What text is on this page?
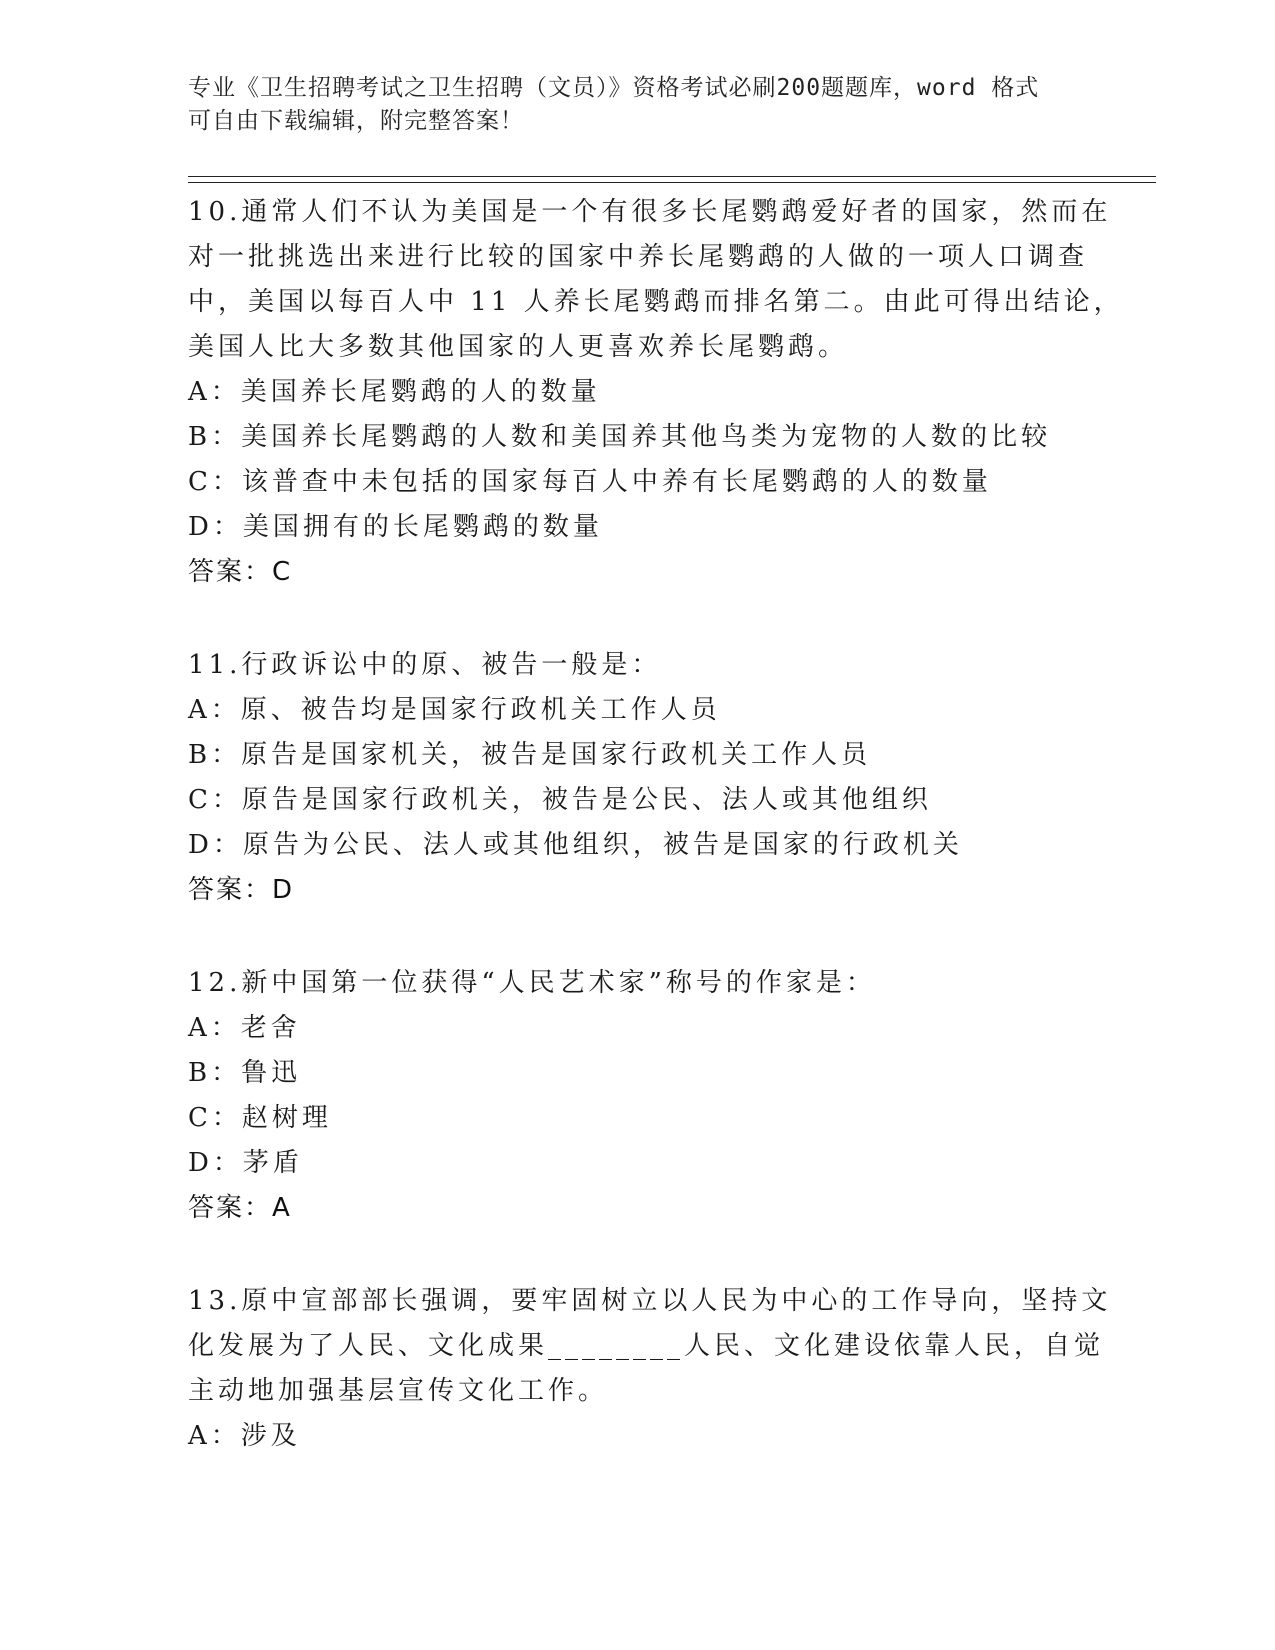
专业《卫生招聘考试之卫生招聘（文员）》资格考试必刷200题题库，word 格式
可自由下载编辑，附完整答案！

10.通常人们不认为美国是一个有很多长尾鹦鹉爱好者的国家，然而在

对一批挑选出来进行比较的国家中养长尾鹦鹉的人做的一项人口调查

中，美国以每百人中 11 人养长尾鹦鹉而排名第二。由此可得出结论，

美国人比大多数其他国家的人更喜欢养长尾鹦鹉。

A：美国养长尾鹦鹉的人的数量

B：美国养长尾鹦鹉的人数和美国养其他鸟类为宠物的人数的比较

C：该普查中未包括的国家每百人中养有长尾鹦鹉的人的数量

D：美国拥有的长尾鹦鹉的数量

答案：C

11.行政诉讼中的原、被告一般是：

A：原、被告均是国家行政机关工作人员

B：原告是国家机关，被告是国家行政机关工作人员

C：原告是国家行政机关，被告是公民、法人或其他组织

D：原告为公民、法人或其他组织，被告是国家的行政机关

答案：D

12.新中国第一位获得“人民艺术家”称号的作家是：

A：老舍

B：鲁迅

C：赵树理

D：茅盾

答案：A

13.原中宣部部长强调，要牢固树立以人民为中心的工作导向，坚持文

化发展为了人民、文化成果________人民、文化建设依靠人民，自觉

主动地加强基层宣传文化工作。

A：涉及
